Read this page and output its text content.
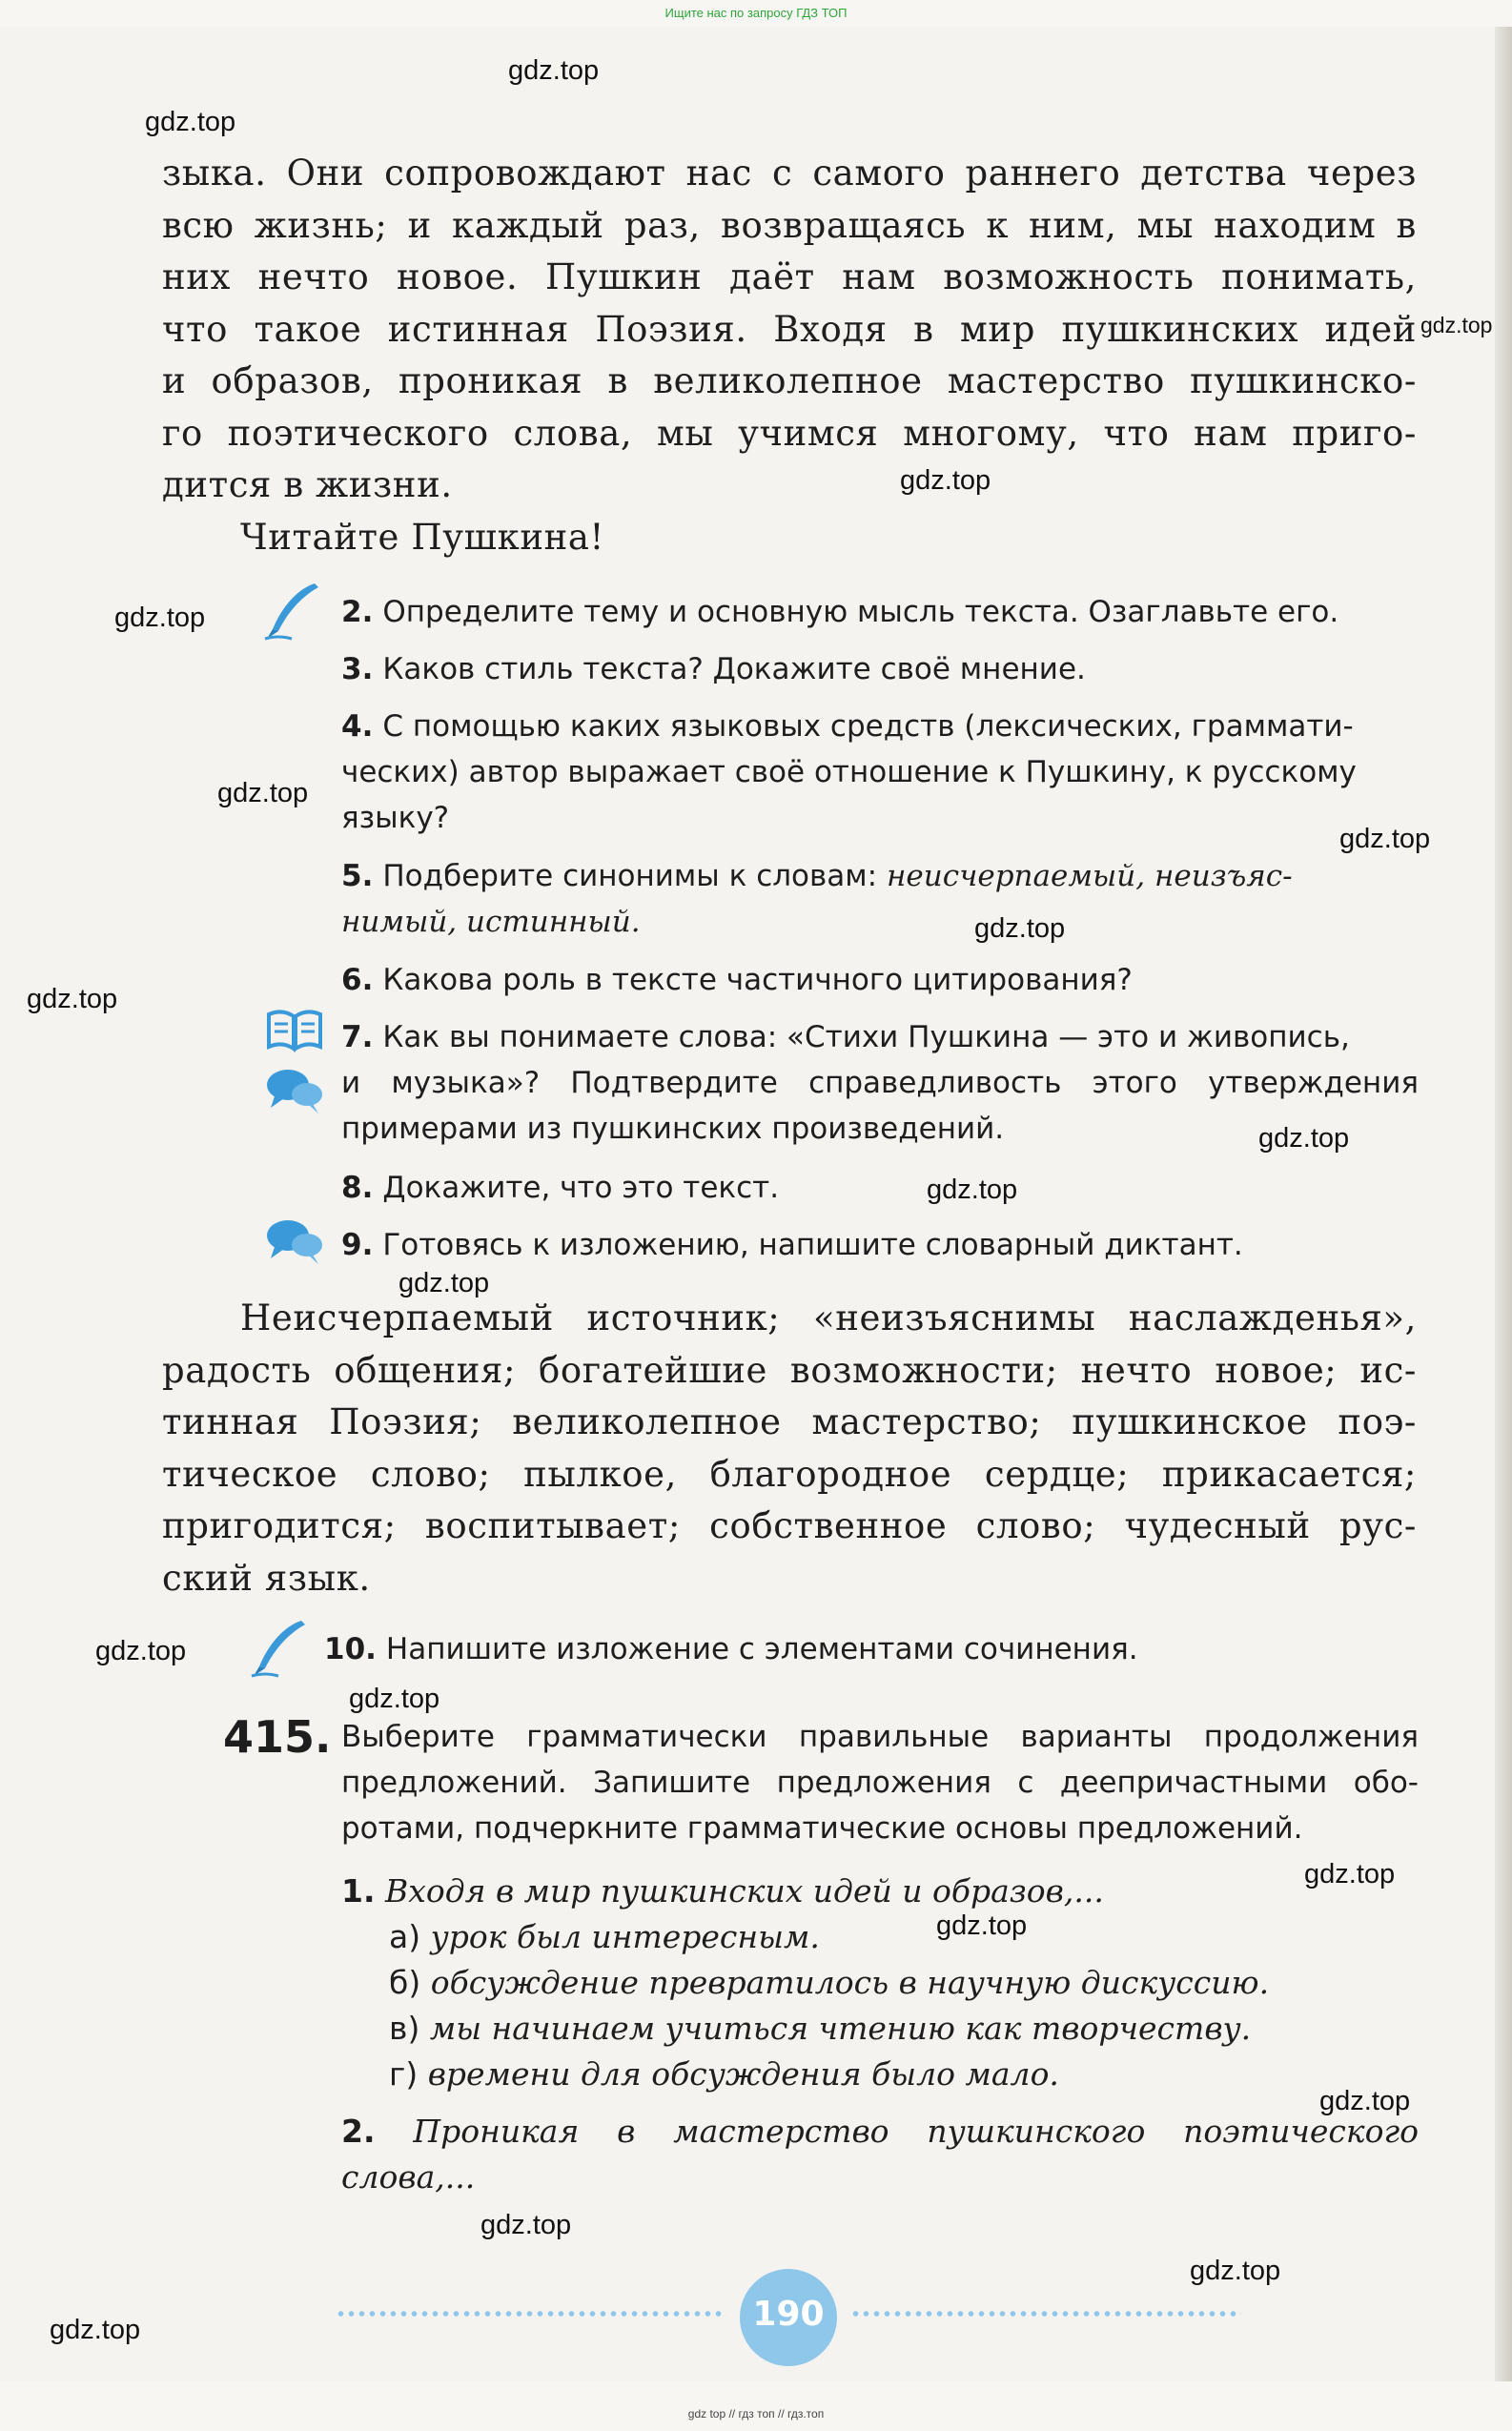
Ищите нас по запросу ГДЗ ТОП
зыка. Они сопровождают нас с самого раннего детства через
всю жизнь; и каждый раз, возвращаясь к ним, мы находим в
них нечто новое. Пушкин даёт нам возможность понимать,
что такое истинная Поэзия. Входя в мир пушкинских идей
и образов, проникая в великолепное мастерство пушкинско-
го поэтического слова, мы учимся многому, что нам приго-
дится в жизни.
Читайте Пушкина!
2. Определите тему и основную мысль текста. Озаглавьте его.
3. Каков стиль текста? Докажите своё мнение.
4. С помощью каких языковых средств (лексических, граммати-
ческих) автор выражает своё отношение к Пушкину, к русскому
языку?
5. Подберите синонимы к словам: неисчерпаемый, неизъяс-
нимый, истинный.
6. Какова роль в тексте частичного цитирования?
7. Как вы понимаете слова: «Стихи Пушкина — это и живопись,
и музыка»? Подтвердите справедливость этого утверждения
примерами из пушкинских произведений.
8. Докажите, что это текст.
9. Готовясь к изложению, напишите словарный диктант.
Неисчерпаемый источник; «неизъяснимы наслажденья»,
радость общения; богатейшие возможности; нечто новое; ис-
тинная Поэзия; великолепное мастерство; пушкинское поэ-
тическое слово; пылкое, благородное сердце; прикасается;
пригодится; воспитывает; собственное слово; чудесный рус-
ский язык.
10. Напишите изложение с элементами сочинения.
415. Выберите грамматически правильные варианты продолжения
предложений. Запишите предложения с деепричастными обо-
ротами, подчеркните грамматические основы предложений.
1. Входя в мир пушкинских идей и образов,...
а) урок был интересным.
б) обсуждение превратилось в научную дискуссию.
в) мы начинаем учиться чтению как творчеству.
г) времени для обсуждения было мало.
2. Проникая в мастерство пушкинского поэтического
слова,...
190
gdz.top
gdz.top
gdz.top
gdz.top
gdz.top
gdz.top
gdz.top
gdz.top
gdz.top
gdz.top
gdz.top
gdz.top
gdz.top
gdz.top
gdz.top
gdz.top
gdz.top
gdz.top
gdz.top
gdz.top
gdz top // гдз топ // гдз.топ
